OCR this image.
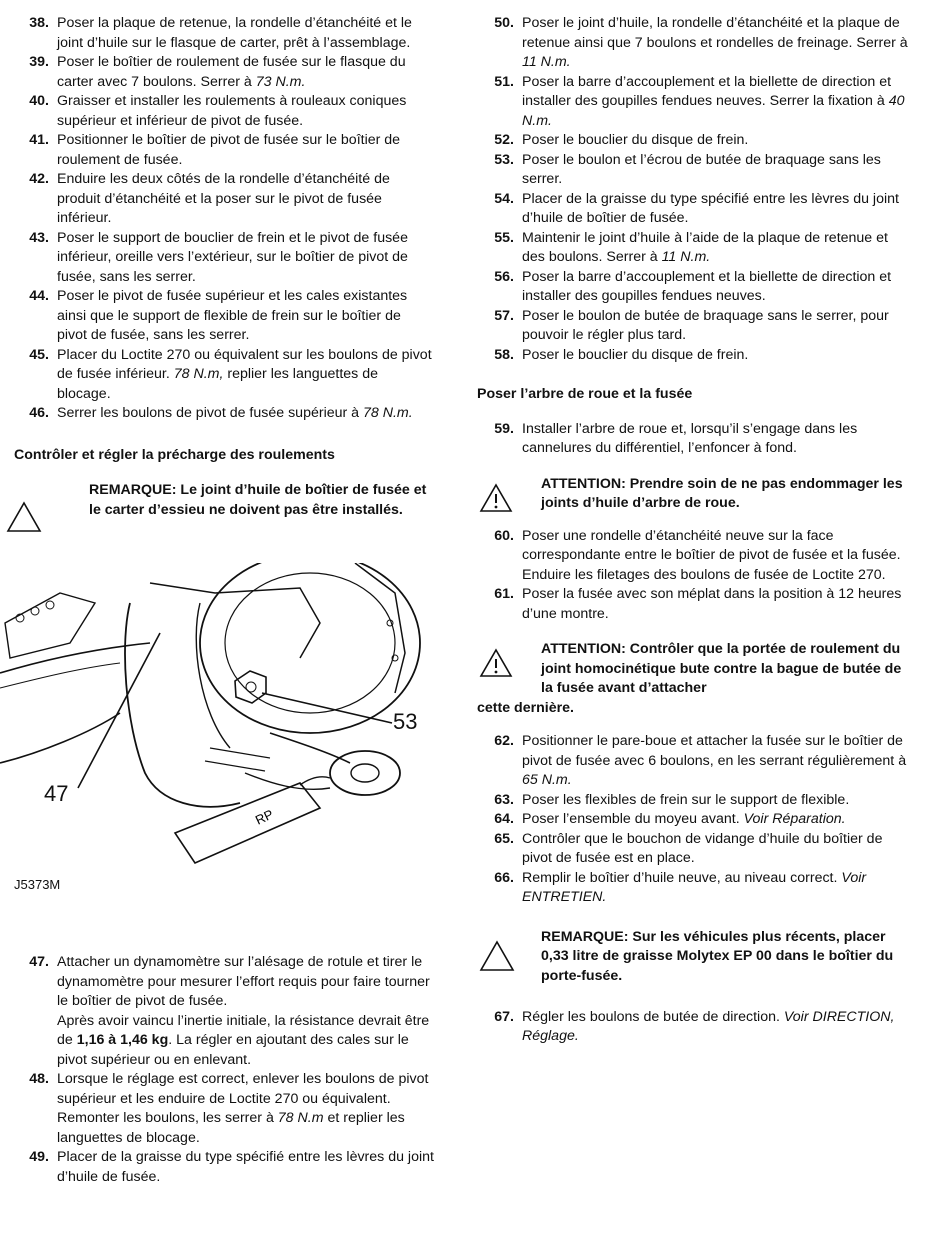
38. Poser la plaque de retenue, la rondelle d’étanchéité et le joint d’huile sur le flasque de carter, prêt à l’assemblage.
39. Poser le boîtier de roulement de fusée sur le flasque du carter avec 7 boulons. Serrer à 73 N.m.
40. Graisser et installer les roulements à rouleaux coniques supérieur et inférieur de pivot de fusée.
41. Positionner le boîtier de pivot de fusée sur le boîtier de roulement de fusée.
42. Enduire les deux côtés de la rondelle d’étanchéité de produit d’étanchéité et la poser sur le pivot de fusée inférieur.
43. Poser le support de bouclier de frein et le pivot de fusée inférieur, oreille vers l’extérieur, sur le boîtier de pivot de fusée, sans les serrer.
44. Poser le pivot de fusée supérieur et les cales existantes ainsi que le support de flexible de frein sur le boîtier de pivot de fusée, sans les serrer.
45. Placer du Loctite 270 ou équivalent sur les boulons de pivot de fusée inférieur. 78 N.m, replier les languettes de blocage.
46. Serrer les boulons de pivot de fusée supérieur à 78 N.m.
Contrôler et régler la précharge des roulements
REMARQUE: Le joint d’huile de boîtier de fusée et le carter d’essieu ne doivent pas être installés.
RP
53
47
J5373M
47. Attacher un dynamomètre sur l’alésage de rotule et tirer le dynamomètre pour mesurer l’effort requis pour faire tourner le boîtier de pivot de fusée.
Après avoir vaincu l’inertie initiale, la résistance devrait être de 1,16 à 1,46 kg. La régler en ajoutant des cales sur le pivot supérieur ou en enlevant.
48. Lorsque le réglage est correct, enlever les boulons de pivot supérieur et les enduire de Loctite 270 ou équivalent. Remonter les boulons, les serrer à 78 N.m et replier les languettes de blocage.
49. Placer de la graisse du type spécifié entre les lèvres du joint d’huile de fusée.
50. Poser le joint d’huile, la rondelle d’étanchéité et la plaque de retenue ainsi que 7 boulons et rondelles de freinage. Serrer à 11 N.m.
51. Poser la barre d’accouplement et la biellette de direction et installer des goupilles fendues neuves. Serrer la fixation à 40 N.m.
52. Poser le bouclier du disque de frein.
53. Poser le boulon et l’écrou de butée de braquage sans les serrer.
54. Placer de la graisse du type spécifié entre les lèvres du joint d’huile de boîtier de fusée.
55. Maintenir le joint d’huile à l’aide de la plaque de retenue et des boulons. Serrer à 11 N.m.
56. Poser la barre d’accouplement et la biellette de direction et installer des goupilles fendues neuves.
57. Poser le boulon de butée de braquage sans le serrer, pour pouvoir le régler plus tard.
58. Poser le bouclier du disque de frein.
Poser l’arbre de roue et la fusée
59. Installer l’arbre de roue et, lorsqu’il s’engage dans les cannelures du différentiel, l’enfoncer à fond.
ATTENTION: Prendre soin de ne pas endommager les joints d’huile d’arbre de roue.
60. Poser une rondelle d’étanchéité neuve sur la face correspondante entre le boîtier de pivot de fusée et la fusée. Enduire les filetages des boulons de fusée de Loctite 270.
61. Poser la fusée avec son méplat dans la position à 12 heures d’une montre.
ATTENTION: Contrôler que la portée de roulement du joint homocinétique bute contre la bague de butée de la fusée avant d’attacher
cette dernière.
62. Positionner le pare-boue et attacher la fusée sur le boîtier de pivot de fusée avec 6 boulons, en les serrant régulièrement à 65 N.m.
63. Poser les flexibles de frein sur le support de flexible.
64. Poser l’ensemble du moyeu avant. Voir Réparation.
65. Contrôler que le bouchon de vidange d’huile du boîtier de pivot de fusée est en place.
66. Remplir le boîtier d’huile neuve, au niveau correct. Voir ENTRETIEN.
REMARQUE: Sur les véhicules plus récents, placer 0,33 litre de graisse Molytex EP 00 dans le boîtier du porte-fusée.
67. Régler les boulons de butée de direction. Voir DIRECTION, Réglage.
